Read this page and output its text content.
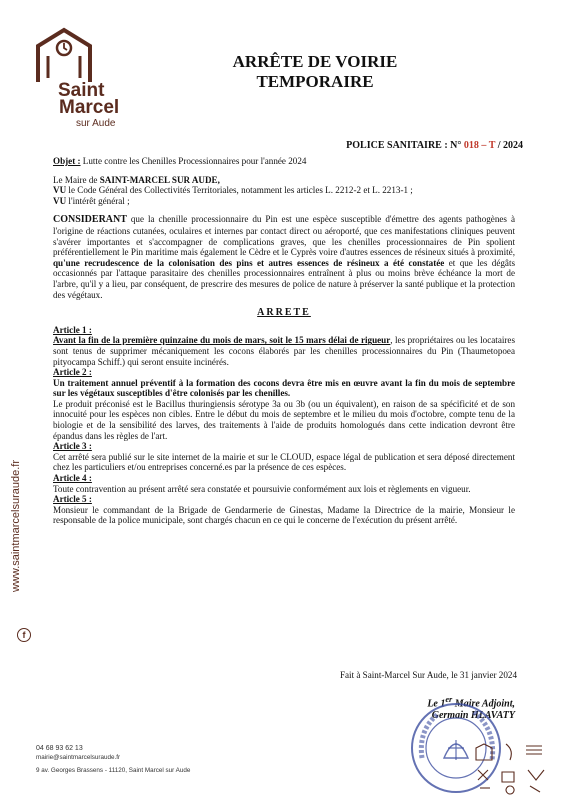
Saint
Marcel
sur Aude
ARRÊTE DE VOIRIE
TEMPORAIRE
POLICE SANITAIRE : N° 018 – T / 2024

Objet : Lutte contre les Chenilles Processionnaires pour l'année 2024

Le Maire de SAINT-MARCEL SUR AUDE,

VU le Code Général des Collectivités Territoriales, notamment les articles L. 2212-2 et L. 2213-1 ;

VU l'intérêt général ;

CONSIDERANT que la chenille processionnaire du Pin est une espèce susceptible d'émettre des agents pathogènes à l'origine de réactions cutanées, oculaires et internes par contact direct ou aéroporté, que ces manifestations cliniques peuvent s'avérer importantes et s'accompagner de complications graves, que les chenilles processionnaires de Pin spolient préférentiellement le Pin maritime mais également le Cèdre et le Cyprès voire d'autres essences de résineux situés à proximité, qu'une recrudescence de la colonisation des pins et autres essences de résineux a été constatée et que les dégâts occasionnés par l'attaque parasitaire des chenilles processionnaires entraînent à plus ou moins brève échéance la mort de l'arbre, qu'il y a lieu, par conséquent, de prescrire des mesures de police de nature à préserver la santé publique et la protection des végétaux.

ARRETE

Article 1 :

Avant la fin de la première quinzaine du mois de mars, soit le 15 mars délai de rigueur, les propriétaires ou les locataires sont tenus de supprimer mécaniquement les cocons élaborés par les chenilles processionnaires du Pin (Thaumetopoea pityocampa Schiff.) qui seront ensuite incinérés.

Article 2 :

Un traitement annuel préventif à la formation des cocons devra être mis en œuvre avant la fin du mois de septembre sur les végétaux susceptibles d'être colonisés par les chenilles.

Le produit préconisé est le Bacillus thuringiensis sérotype 3a ou 3b (ou un équivalent), en raison de sa spécificité et de son innocuité pour les espèces non cibles. Entre le début du mois de septembre et le milieu du mois d'octobre, compte tenu de la biologie et de la sensibilité des larves, des traitements à l'aide de produits homologués dans cette indication devront être épandus dans les règles de l'art.

Article 3 :

Cet arrêté sera publié sur le site internet de la mairie et sur le CLOUD, espace légal de publication et sera déposé directement chez les particuliers et/ou entreprises concerné.es par la présence de ces espèces.

Article 4 :

Toute contravention au présent arrêté sera constatée et poursuivie conformément aux lois et règlements en vigueur.

Article 5 :

Monsieur le commandant de la Brigade de Gendarmerie de Ginestas, Madame la Directrice de la mairie, Monsieur le responsable de la police municipale, sont chargés chacun en ce qui le concerne de l'exécution du présent arrêté.

Fait à Saint-Marcel Sur Aude, le 31 janvier 2024
Le 1er Maire Adjoint,
Germain HLAVATY
www.saintmarcelsuraude.fr
f
04 68 93 62 13
mairie@saintmarcelsuraude.fr
9 av. Georges Brassens - 11120, Saint Marcel sur Aude
